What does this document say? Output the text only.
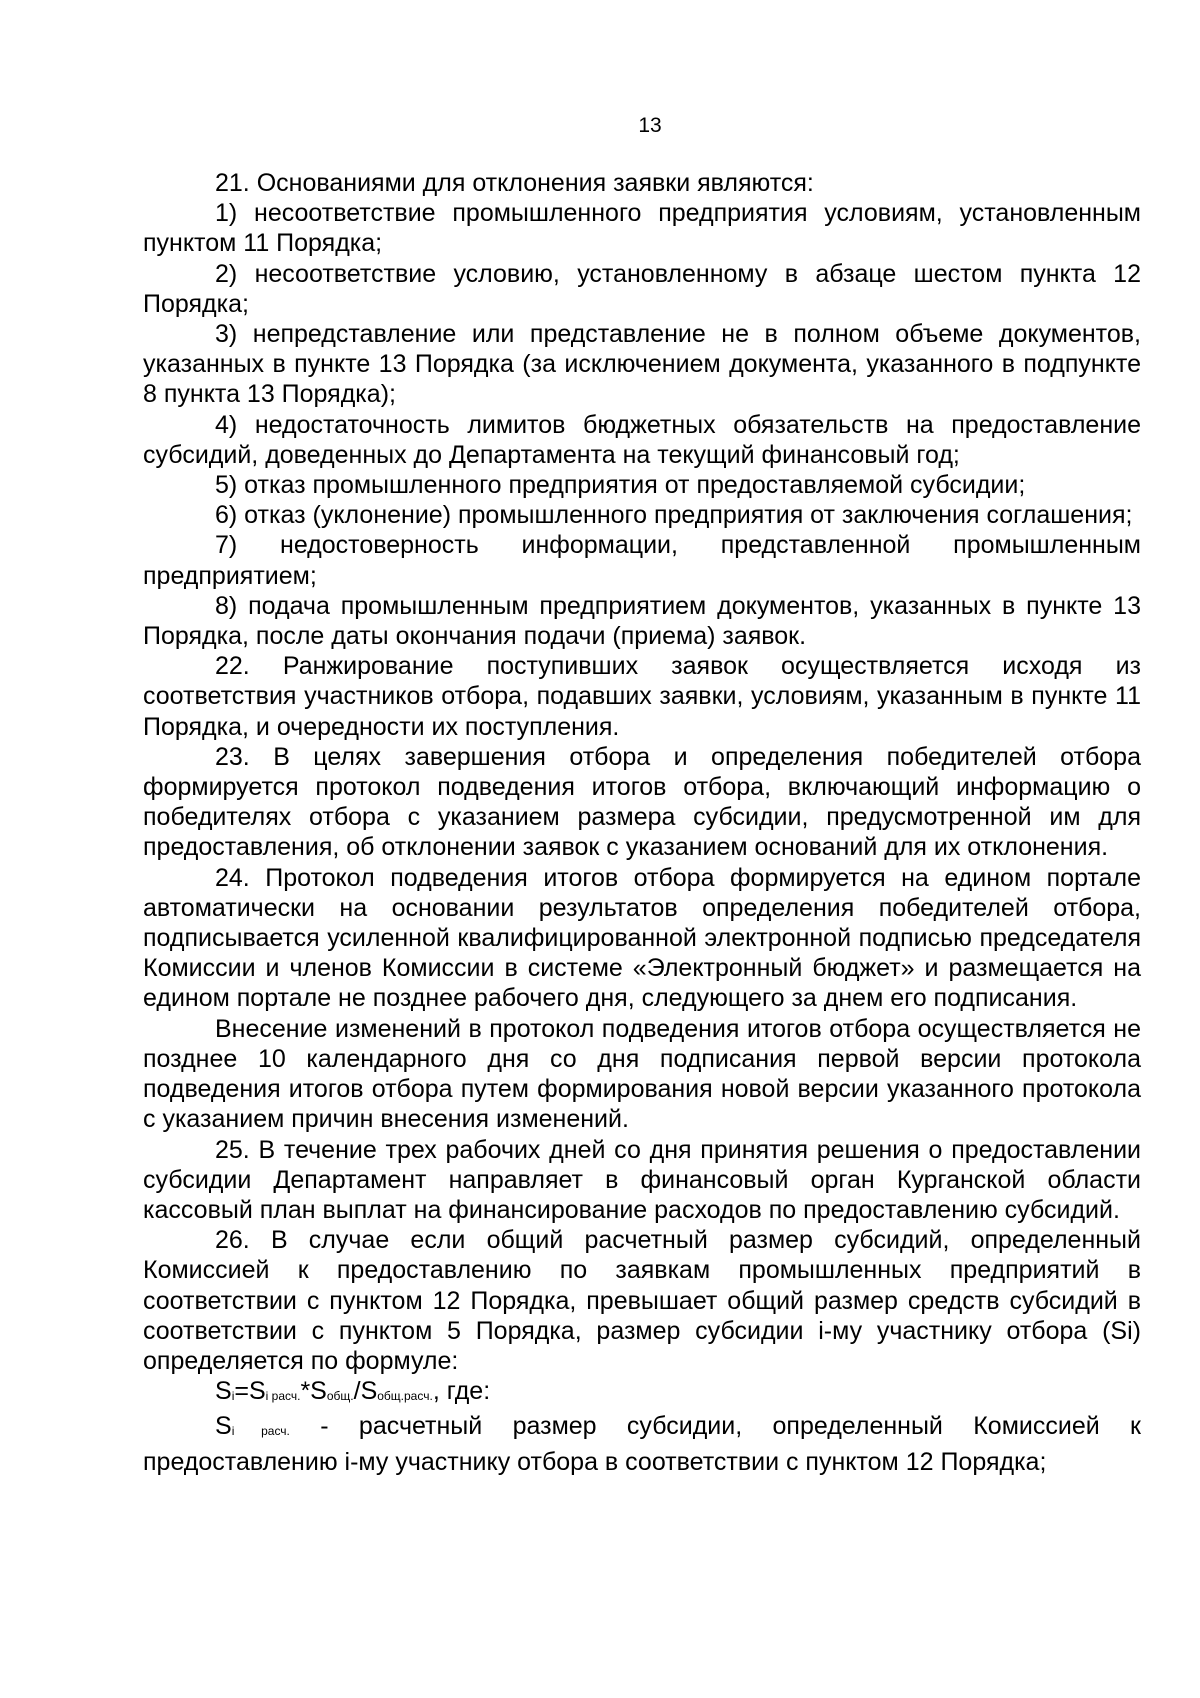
13

21. Основаниями для отклонения заявки являются:

1) несоответствие промышленного предприятия условиям, установленным пунктом 11 Порядка;

2) несоответствие условию, установленному в абзаце шестом пункта 12 Порядка;

3) непредставление или представление не в полном объеме документов, указанных в пункте 13 Порядка (за исключением документа, указанного в подпункте 8 пункта 13 Порядка);

4) недостаточность лимитов бюджетных обязательств на предоставление субсидий, доведенных до Департамента на текущий финансовый год;

5) отказ промышленного предприятия от предоставляемой субсидии;

6) отказ (уклонение) промышленного предприятия от заключения соглашения;

7) недостоверность информации, представленной промышленным предприятием;

8) подача промышленным предприятием документов, указанных в пункте 13 Порядка, после даты окончания подачи (приема) заявок.

22. Ранжирование поступивших заявок осуществляется исходя из соответствия участников отбора, подавших заявки, условиям, указанным в пункте 11 Порядка, и очередности их поступления.

23. В целях завершения отбора и определения победителей отбора формируется протокол подведения итогов отбора, включающий информацию о победителях отбора с указанием размера субсидии, предусмотренной им для предоставления, об отклонении заявок с указанием оснований для их отклонения.

24. Протокол подведения итогов отбора формируется на едином портале автоматически на основании результатов определения победителей отбора, подписывается усиленной квалифицированной электронной подписью председателя Комиссии и членов Комиссии в системе «Электронный бюджет» и размещается на едином портале не позднее рабочего дня, следующего за днем его подписания.

Внесение изменений в протокол подведения итогов отбора осуществляется не позднее 10 календарного дня со дня подписания первой версии протокола подведения итогов отбора путем формирования новой версии указанного протокола с указанием причин внесения изменений.

25. В течение трех рабочих дней со дня принятия решения о предоставлении субсидии Департамент направляет в финансовый орган Курганской области кассовый план выплат на финансирование расходов по предоставлению субсидий.

26. В случае если общий расчетный размер субсидий, определенный Комиссией к предоставлению по заявкам промышленных предприятий в соответствии с пунктом 12 Порядка, превышает общий размер средств субсидий в соответствии с пунктом 5 Порядка, размер субсидии i-му участнику отбора (Si) определяется по формуле:

Si=Si расч.*Sобщ./Sобщ.расч., где:

Si расч. - расчетный размер субсидии, определенный Комиссией к предоставлению i-му участнику отбора в соответствии с пунктом 12 Порядка;
